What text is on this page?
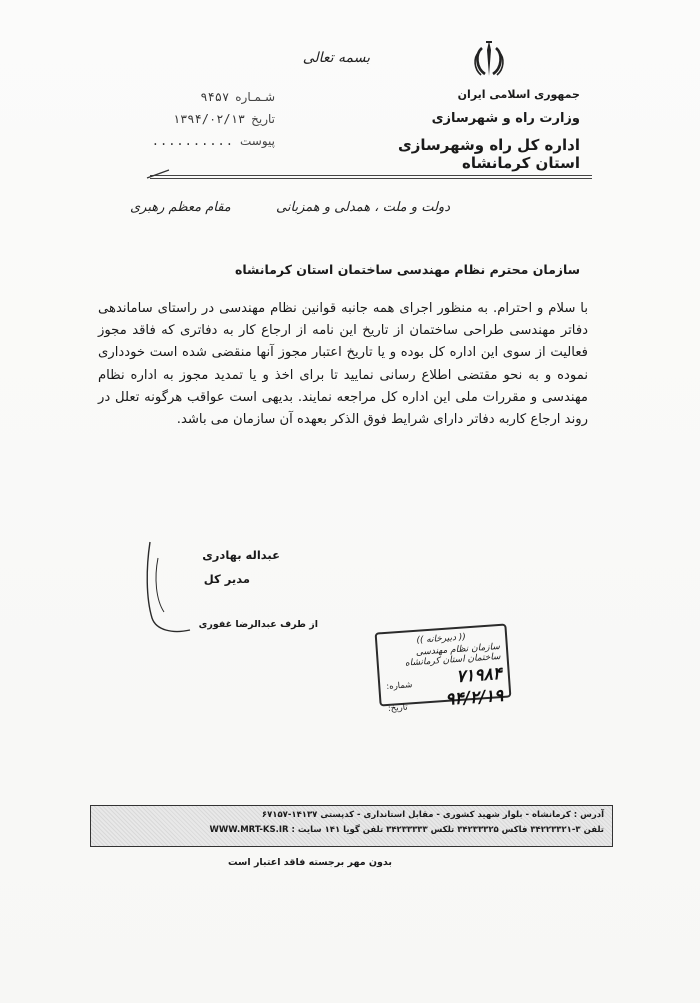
بسمه تعالی
جمهوری اسلامی ایران
وزارت راه و شهرسازی
اداره کل راه وشهرسازی استان کرمانشاه
شـمـاره
۹۴۵۷
تاریخ
۱۳۹۴/۰۲/۱۳
پیوست
..........
دولت و ملت ، همدلی و همزبانی
مقام معظم رهبری
سازمان محترم نظام مهندسی ساختمان استان کرمانشاه
با سلام و احترام. به منظور اجرای همه جانبه قوانین نظام مهندسی در راستای ساماندهی دفاتر مهندسی طراحی ساختمان از تاریخ این نامه از ارجاع کار به دفاتری که فاقد مجوز فعالیت از سوی این اداره کل بوده و یا تاریخ اعتبار مجوز آنها منقضی شده است خودداری نموده و به نحو مقتضی اطلاع رسانی نمایید تا برای اخذ و یا تمدید مجوز به اداره نظام مهندسی و مقررات ملی این اداره کل مراجعه نمایند. بدیهی است عواقب هرگونه تعلل در روند ارجاع کاربه دفاتر دارای شرایط فوق الذکر بعهده آن سازمان می باشد.
عبداله بهادری
مدیر کل
از طرف عبدالرضا غفوری
(( دبیرخانه ))
سازمان نظام مهندسی ساختمان استان کرمانشاه
شماره:	۷۱۹۸۴
تاریخ: ۹۴/۲/۱۹
آدرس : کرمانشاه - بلوار شهید کشوری - مقابل استانداری - کدپستی ۱۴۱۳۷-۶۷۱۵۷
تلفن ۳-۳۴۲۲۳۳۲۱ فاکس ۳۴۲۳۳۳۲۵ تلکس ۳۴۲۳۳۳۳۳ تلفن گویا ۱۴۱ سایت : WWW.MRT-KS.IR
بدون مهر برجسته فاقد اعتبار است
